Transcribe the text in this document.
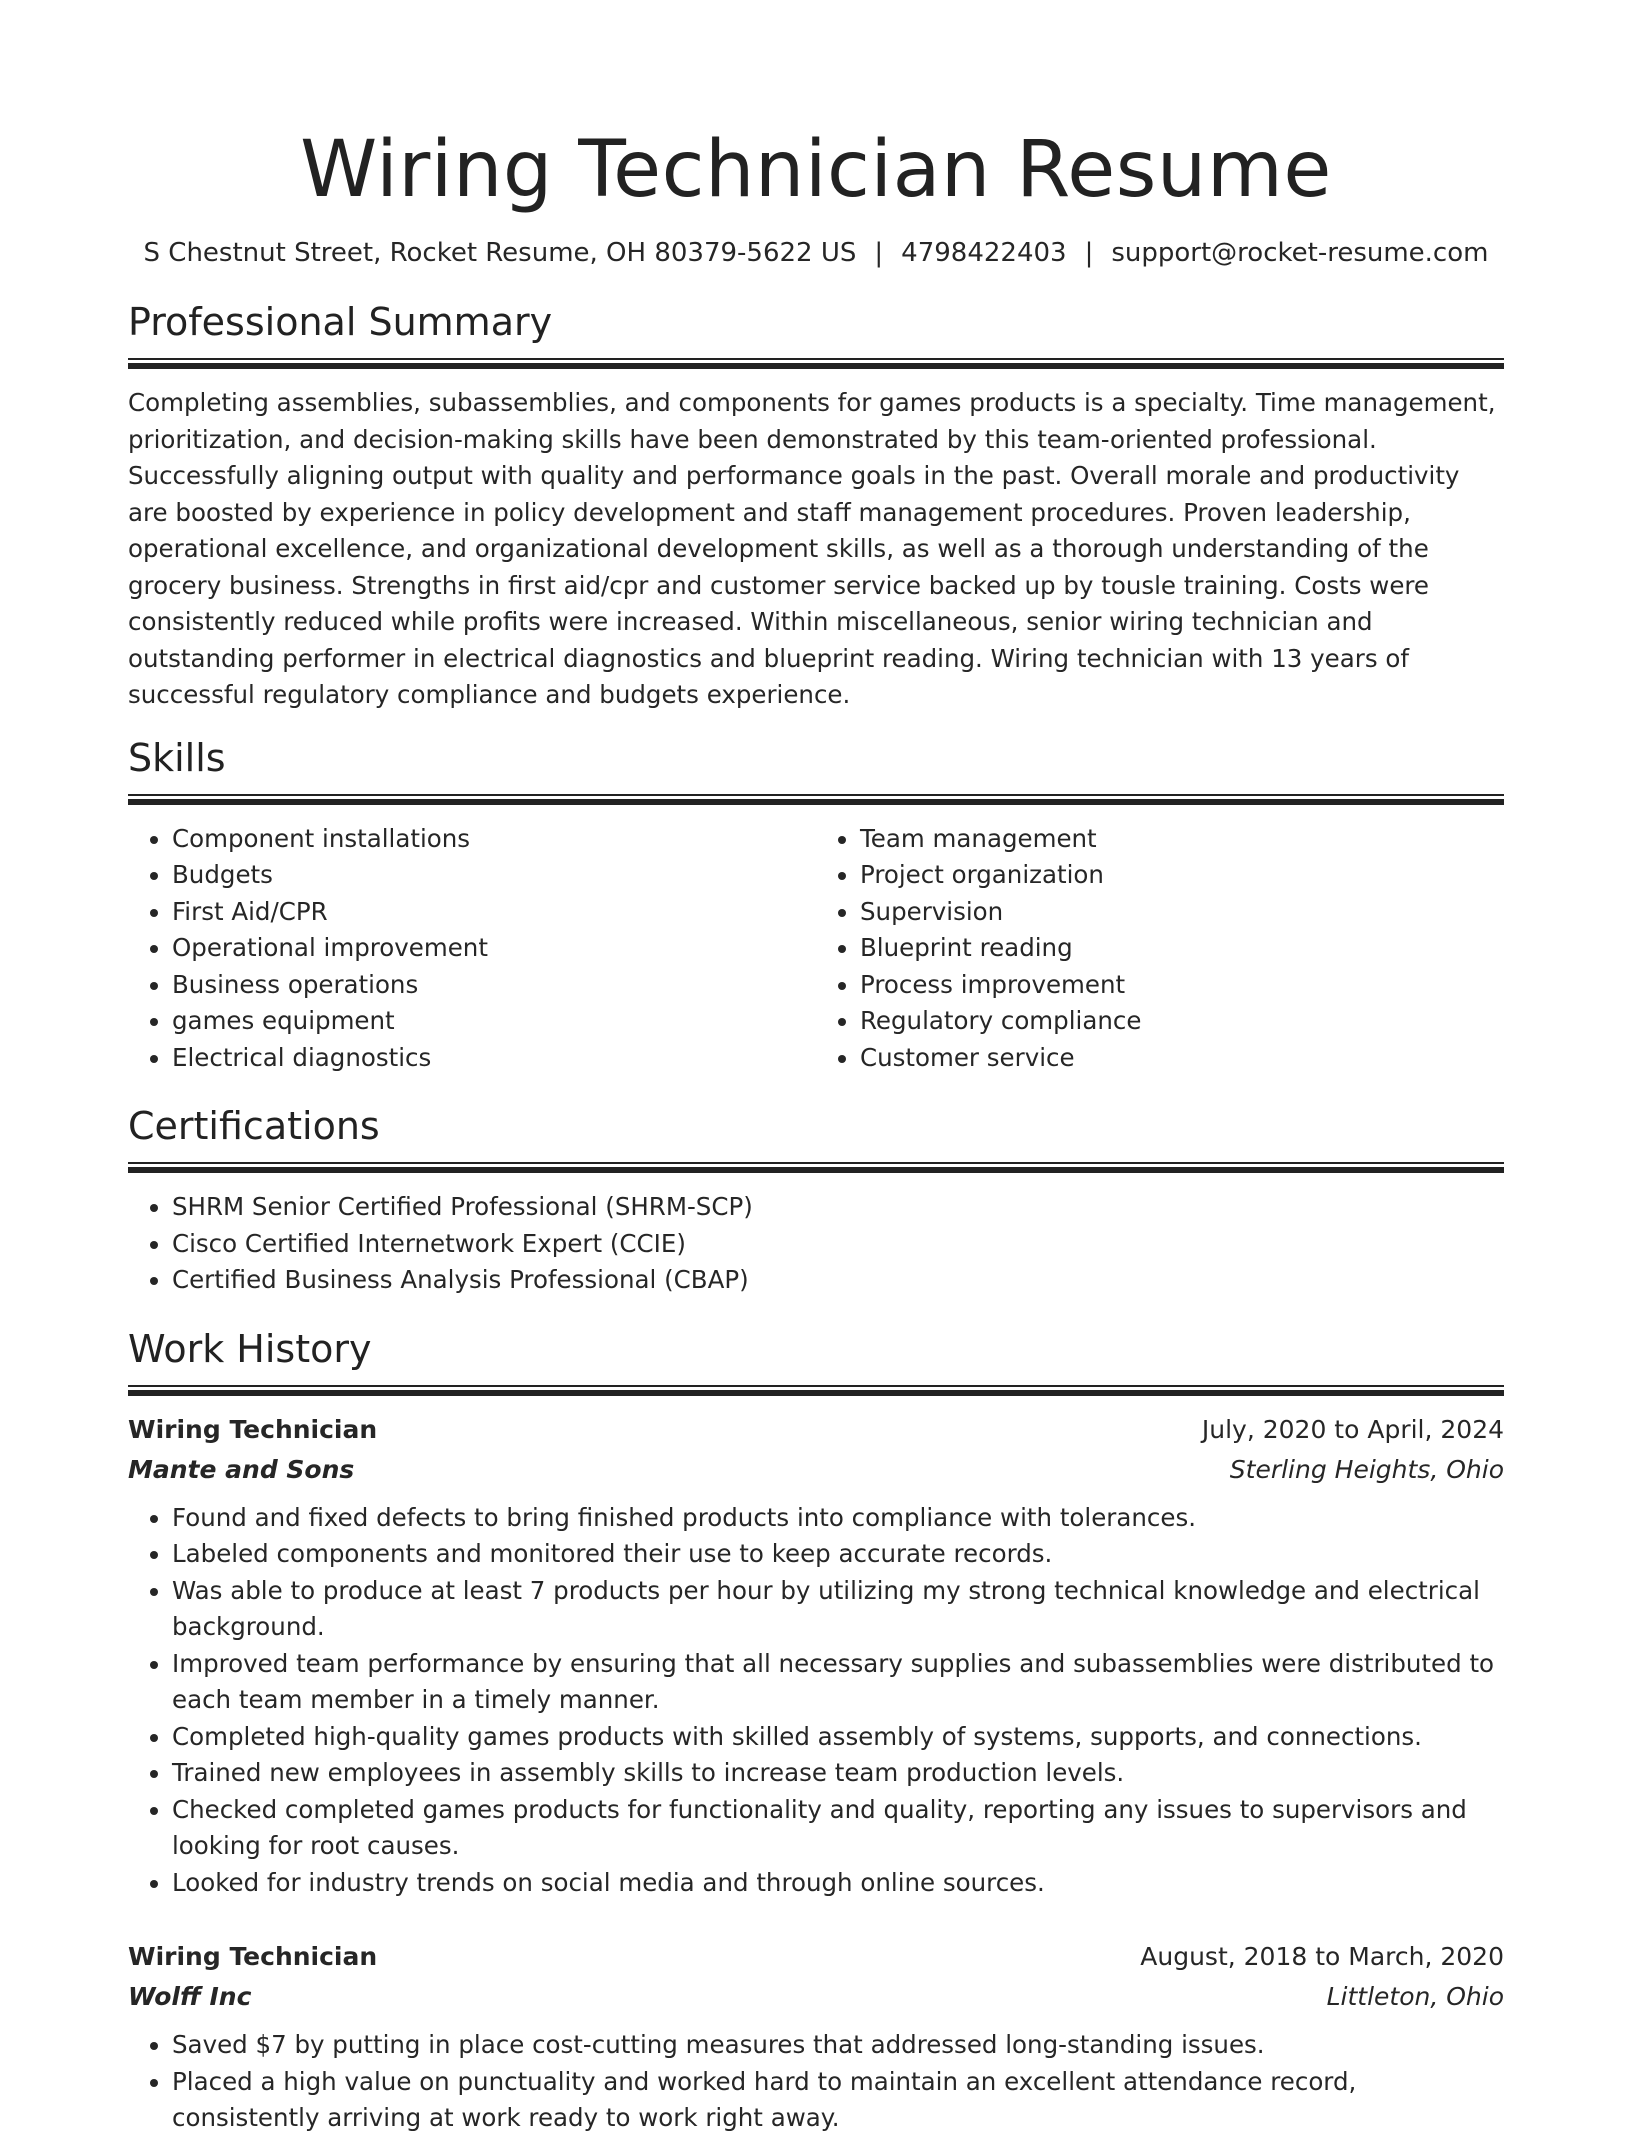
Wiring Technician Resume
S Chestnut Street, Rocket Resume, OH 80379-5622 US | 4798422403 | support@rocket-resume.com
Professional Summary

Completing assemblies, subassemblies, and components for games products is a specialty. Time management, prioritization, and decision-making skills have been demonstrated by this team-oriented professional. Successfully aligning output with quality and performance goals in the past. Overall morale and productivity are boosted by experience in policy development and staff management procedures. Proven leadership, operational excellence, and organizational development skills, as well as a thorough understanding of the grocery business. Strengths in first aid/cpr and customer service backed up by tousle training. Costs were consistently reduced while profits were increased. Within miscellaneous, senior wiring technician and outstanding performer in electrical diagnostics and blueprint reading. Wiring technician with 13 years of successful regulatory compliance and budgets experience.

Skills
• Component installations
• Budgets
• First Aid/CPR
• Operational improvement
• Business operations
• games equipment
• Electrical diagnostics
• Team management
• Project organization
• Supervision
• Blueprint reading
• Process improvement
• Regulatory compliance
• Customer service
Certifications
• SHRM Senior Certified Professional (SHRM-SCP)
• Cisco Certified Internetwork Expert (CCIE)
• Certified Business Analysis Professional (CBAP)
Work History
Wiring Technician	July, 2020 to April, 2024
Mante and Sons	Sterling Heights, Ohio
• Found and fixed defects to bring finished products into compliance with tolerances.
• Labeled components and monitored their use to keep accurate records.
• Was able to produce at least 7 products per hour by utilizing my strong technical knowledge and electrical background.
• Improved team performance by ensuring that all necessary supplies and subassemblies were distributed to each team member in a timely manner.
• Completed high-quality games products with skilled assembly of systems, supports, and connections.
• Trained new employees in assembly skills to increase team production levels.
• Checked completed games products for functionality and quality, reporting any issues to supervisors and looking for root causes.
• Looked for industry trends on social media and through online sources.
Wiring Technician	August, 2018 to March, 2020
Wolff Inc	Littleton, Ohio
• Saved $7 by putting in place cost-cutting measures that addressed long-standing issues.
• Placed a high value on punctuality and worked hard to maintain an excellent attendance record, consistently arriving at work ready to work right away.
